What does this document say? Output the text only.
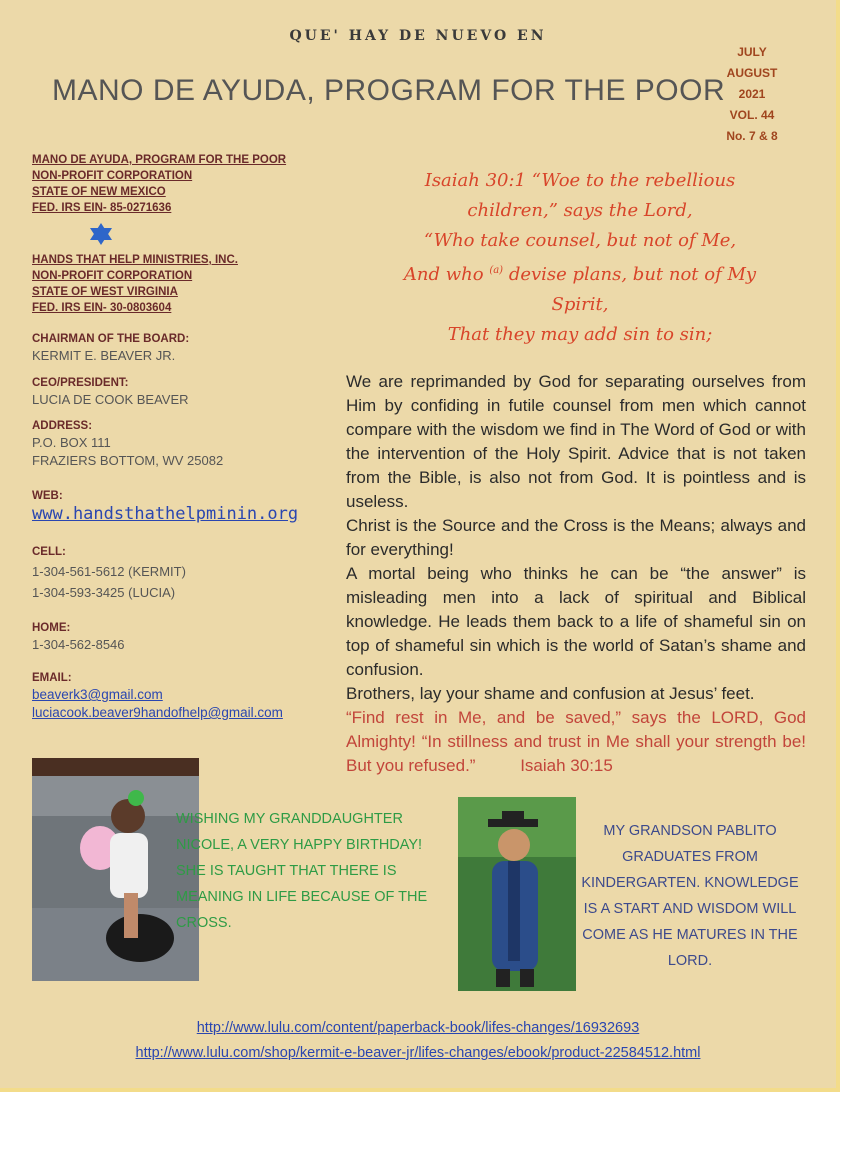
QUE' HAY DE NUEVO EN
MANO DE AYUDA, PROGRAM FOR THE POOR
JULY
AUGUST
2021
VOL. 44
No. 7 & 8
MANO DE AYUDA, PROGRAM FOR THE POOR
NON-PROFIT CORPORATION
STATE OF NEW MEXICO
FED. IRS EIN- 85-0271636
HANDS THAT HELP MINISTRIES, INC.
NON-PROFIT CORPORATION
STATE OF WEST VIRGINIA
FED. IRS EIN- 30-0803604
CHAIRMAN OF THE BOARD:
KERMIT E. BEAVER JR.
CEO/PRESIDENT:
LUCIA DE COOK BEAVER
ADDRESS:
P.O. BOX 111
FRAZIERS BOTTOM, WV 25082
WEB:
www.handsthathelpminin.org
CELL:
1-304-561-5612 (KERMIT)
1-304-593-3425 (LUCIA)
HOME:
1-304-562-8546
EMAIL:
beaverk3@gmail.com
luciacook.beaver9handofhelp@gmail.com
Isaiah 30:1 “Woe to the rebellious
children,” says the Lord,
“Who take counsel, but not of Me,
And who $^{(a)}$ devise plans, but not of My
Spirit,
That they may add sin to sin;

We are reprimanded by God for separating ourselves from Him by confiding in futile counsel from men which cannot compare with the wisdom we find in The Word of God or with the intervention of the Holy Spirit. Advice that is not taken from the Bible, is also not from God. It is pointless and is useless.

Christ is the Source and the Cross is the Means; always and for everything!

A mortal being who thinks he can be “the answer” is misleading men into a lack of spiritual and Biblical knowledge. He leads them back to a life of shameful sin on top of shameful sin which is the world of Satan’s shame and confusion.

Brothers, lay your shame and confusion at Jesus’ feet.

“Find rest in Me, and be saved,” says the LORD, God Almighty! “In stillness and trust in Me shall your strength be! But you refused.”	Isaiah 30:15

WISHING MY GRANDDAUGHTER NICOLE, A VERY HAPPY BIRTHDAY! SHE IS TAUGHT THAT THERE IS MEANING IN LIFE BECAUSE OF THE CROSS.
MY GRANDSON PABLITO GRADUATES FROM KINDERGARTEN. KNOWLEDGE IS A START AND WISDOM WILL COME AS HE MATURES IN THE LORD.
http://www.lulu.com/content/paperback-book/lifes-changes/16932693
http://www.lulu.com/shop/kermit-e-beaver-jr/lifes-changes/ebook/product-22584512.html
